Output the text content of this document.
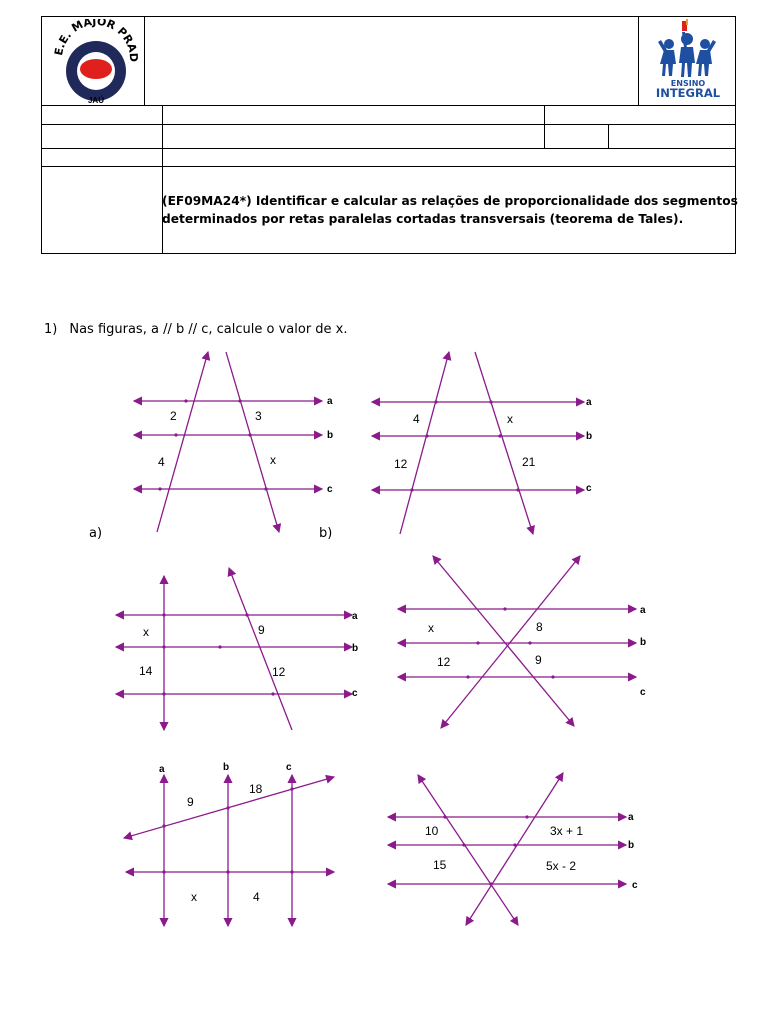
E.E. MAJOR PRAD
JAÚ
ENSINO
INTEGRAL
(EF09MA24*) Identificar e calcular as relações de proporcionalidade dos segmentos
determinados por retas paralelas cortadas transversais (teorema de Tales).
1) Nas figuras, a // b // c, calcule o valor de x.
a)	b)
a
b
c
2	3
4	x
a
b
c
4	x
12	21
a
b
c
x	9
14	12
a
b
c
x	8
12	9
a	b	c
9
18
x	4
a
b
c
10	3x + 1
15	5x - 2
